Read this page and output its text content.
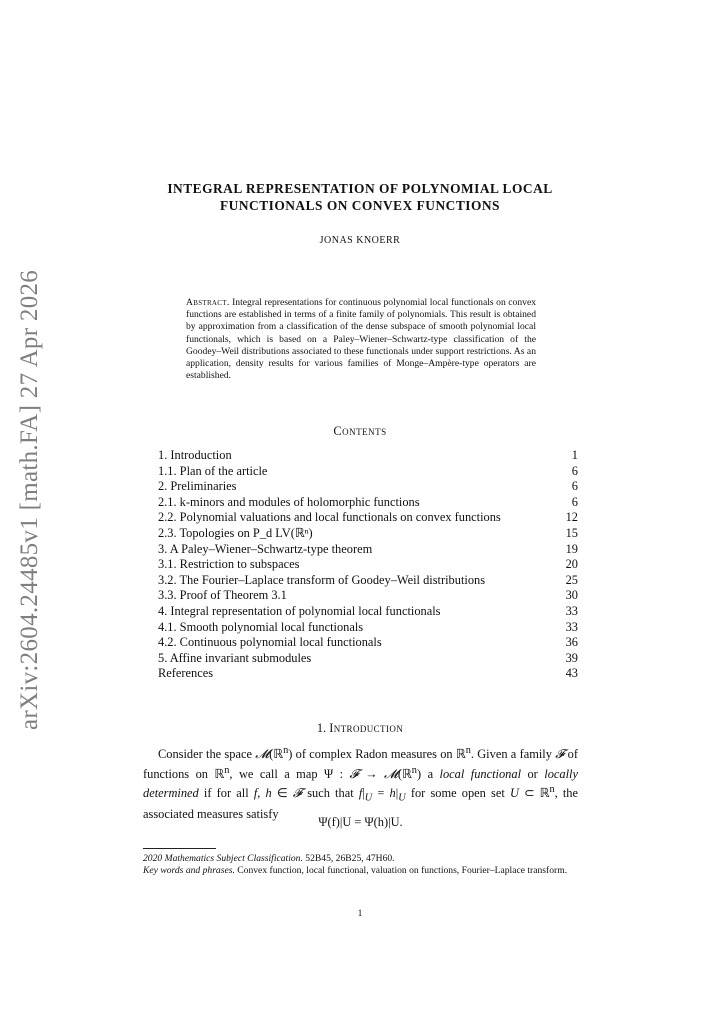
arXiv:2604.24485v1 [math.FA] 27 Apr 2026
INTEGRAL REPRESENTATION OF POLYNOMIAL LOCAL
FUNCTIONALS ON CONVEX FUNCTIONS
JONAS KNOERR
Abstract. Integral representations for continuous polynomial local functionals on convex functions are established in terms of a finite family of polynomials. This result is obtained by approximation from a classification of the dense subspace of smooth polynomial local functionals, which is based on a Paley–Wiener–Schwartz-type classification of the Goodey–Weil distributions associated to these functionals under support restrictions. As an application, density results for various families of Monge–Ampère-type operators are established.
Contents
1. Introduction	1
1.1. Plan of the article	6
2. Preliminaries	6
2.1. k-minors and modules of holomorphic functions	6
2.2. Polynomial valuations and local functionals on convex functions	12
2.3. Topologies on P_d LV(ℝⁿ)	15
3. A Paley–Wiener–Schwartz-type theorem	19
3.1. Restriction to subspaces	20
3.2. The Fourier–Laplace transform of Goodey–Weil distributions	25
3.3. Proof of Theorem 3.1	30
4. Integral representation of polynomial local functionals	33
4.1. Smooth polynomial local functionals	33
4.2. Continuous polynomial local functionals	36
5. Affine invariant submodules	39
References	43
1. Introduction
Consider the space 𝓜(ℝ$^n$) of complex Radon measures on ℝ$^n$. Given a family 𝓕 of functions on ℝ$^n$, we call a map Ψ : 𝓕 → 𝓜(ℝ$^n$) a local functional or locally determined if for all f, h ∈ 𝓕 such that $f|_U = h|_U$ for some open set U ⊂ ℝ$^n$, the associated measures satisfy
Ψ(f)|U = Ψ(h)|U.
2020 Mathematics Subject Classification. 52B45, 26B25, 47H60.
Key words and phrases. Convex function, local functional, valuation on functions, Fourier–Laplace transform.
1
